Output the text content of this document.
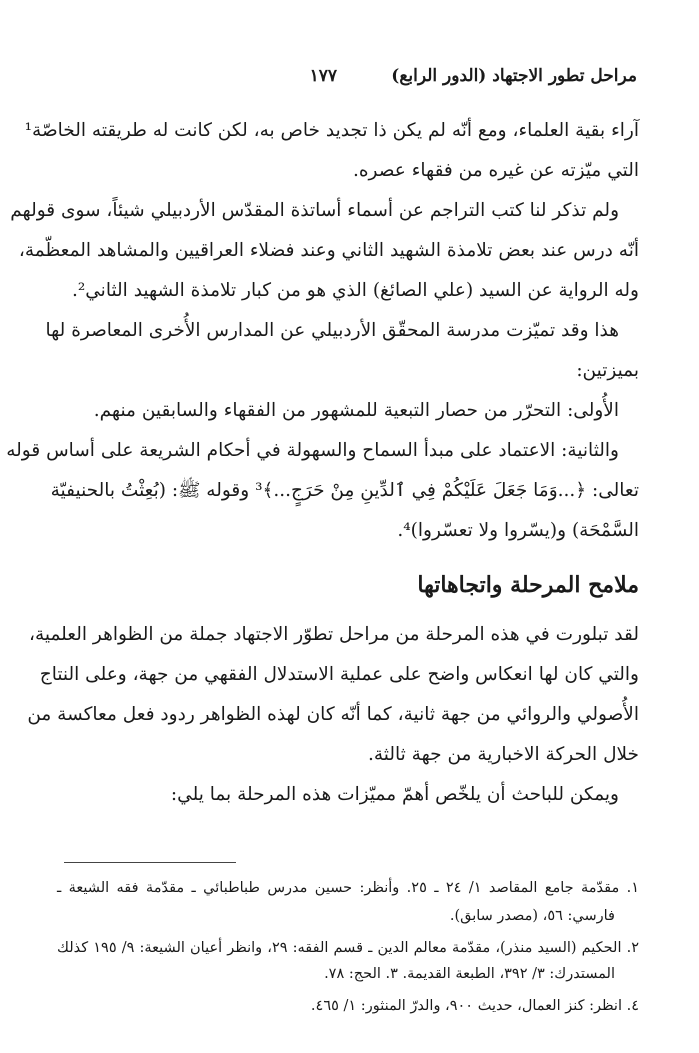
مراحل تطور الاجتهاد (الدور الرابع)
١٧٧
آراء بقية العلماء، ومع أنّه لم يكن ذا تجديد خاص به، لكن كانت له طريقته الخاصّة¹
التي ميّزته عن غيره من فقهاء عصره.
ولم تذكر لنا كتب التراجم عن أسماء أساتذة المقدّس الأردبيلي شيئاً، سوى قولهم
أنّه درس عند بعض تلامذة الشهيد الثاني وعند فضلاء العراقيين والمشاهد المعظّمة،
وله الرواية عن السيد (علي الصائغ) الذي هو من كبار تلامذة الشهيد الثاني².
هذا وقد تميّزت مدرسة المحقّق الأردبيلي عن المدارس الأُخرى المعاصرة لها
بميزتين:
الأُولى: التحرّر من حصار التبعية للمشهور من الفقهاء والسابقين منهم.
والثانية: الاعتماد على مبدأ السماح والسهولة في أحكام الشريعة على أساس قوله
تعالى: ﴿...وَمَا جَعَلَ عَلَيْكُمْ فِي ٱلدِّينِ مِنْ حَرَجٍ...﴾³ وقوله ﷺ: (بُعِثْتُ بالحنيفيّة
السَّمْحَة) و(يسّروا ولا تعسّروا)⁴.
ملامح المرحلة واتجاهاتها
لقد تبلورت في هذه المرحلة من مراحل تطوّر الاجتهاد جملة من الظواهر العلمية،
والتي كان لها انعكاس واضح على عملية الاستدلال الفقهي من جهة، وعلى النتاج
الأُصولي والروائي من جهة ثانية، كما أنّه كان لهذه الظواهر ردود فعل معاكسة من
خلال الحركة الاخبارية من جهة ثالثة.
ويمكن للباحث أن يلخّص أهمّ مميّزات هذه المرحلة بما يلي:
١. مقدّمة جامع المقاصد ١/ ٢٤ ـ ٢٥. وأنظر: حسين مدرس طباطبائي ـ مقدّمة فقه الشيعة ـ
فارسي: ٥٦، (مصدر سابق).
٢. الحكيم (السيد منذر)، مقدّمة معالم الدين ـ قسم الفقه: ٢٩، وانظر أعيان الشيعة: ٩/ ١٩٥ كذلك
المستدرك: ٣/ ٣٩٢، الطبعة القديمة. ٣. الحج: ٧٨.
٤. انظر: كنز العمال، حديث ٩٠٠، والدرّ المنثور: ١/ ٤٦٥.
